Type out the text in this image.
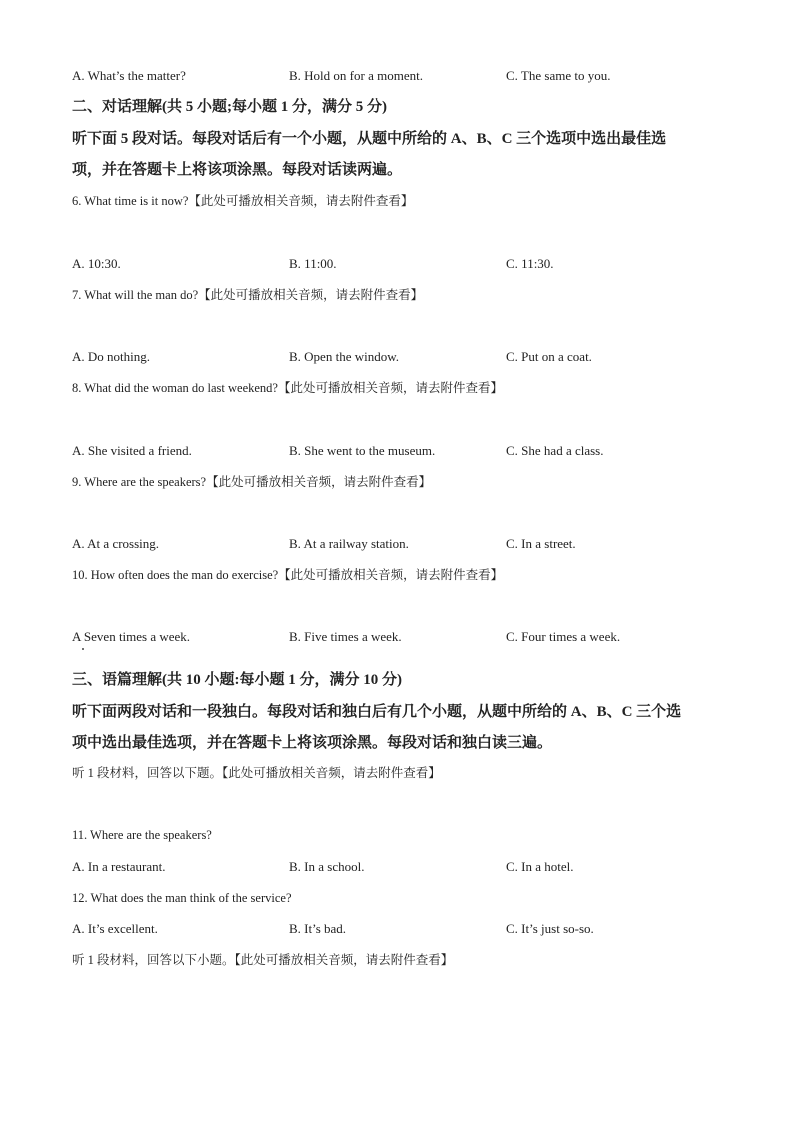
A. What’s the matter?	B. Hold on for a moment.	C. The same to you.
二、对话理解(共 5 小题;每小题 1 分，满分 5 分)
听下面 5 段对话。每段对话后有一个小题，从题中所给的 A、B、C 三个选项中选出最佳选
项，并在答题卡上将该项涂黑。每段对话读两遍。
6. What time is it now?【此处可播放相关音频，请去附件查看】
A. 10:30.	B. 11:00.	C. 11:30.
7. What will the man do?【此处可播放相关音频，请去附件查看】
A. Do nothing.	B. Open the window.	C. Put on a coat.
8. What did the woman do last weekend?【此处可播放相关音频，请去附件查看】
A. She visited a friend.	B. She went to the museum.	C. She had a class.
9. Where are the speakers?【此处可播放相关音频，请去附件查看】
A. At a crossing.	B. At a railway station.	C. In a street.
10. How often does the man do exercise?【此处可播放相关音频，请去附件查看】
A Seven times a week.	B. Five times a week.	C. Four times a week.
三、语篇理解(共 10 小题:每小题 1 分，满分 10 分)
听下面两段对话和一段独白。每段对话和独白后有几个小题，从题中所给的 A、B、C 三个选
项中选出最佳选项，并在答题卡上将该项涂黑。每段对话和独白读三遍。
听 1 段材料，回答以下题。【此处可播放相关音频，请去附件查看】
11. Where are the speakers?
A. In a restaurant.	B. In a school.	C. In a hotel.
12. What does the man think of the service?
A. It’s excellent.	B. It’s bad.	C. It’s just so-so.
听 1 段材料，回答以下小题。【此处可播放相关音频，请去附件查看】
